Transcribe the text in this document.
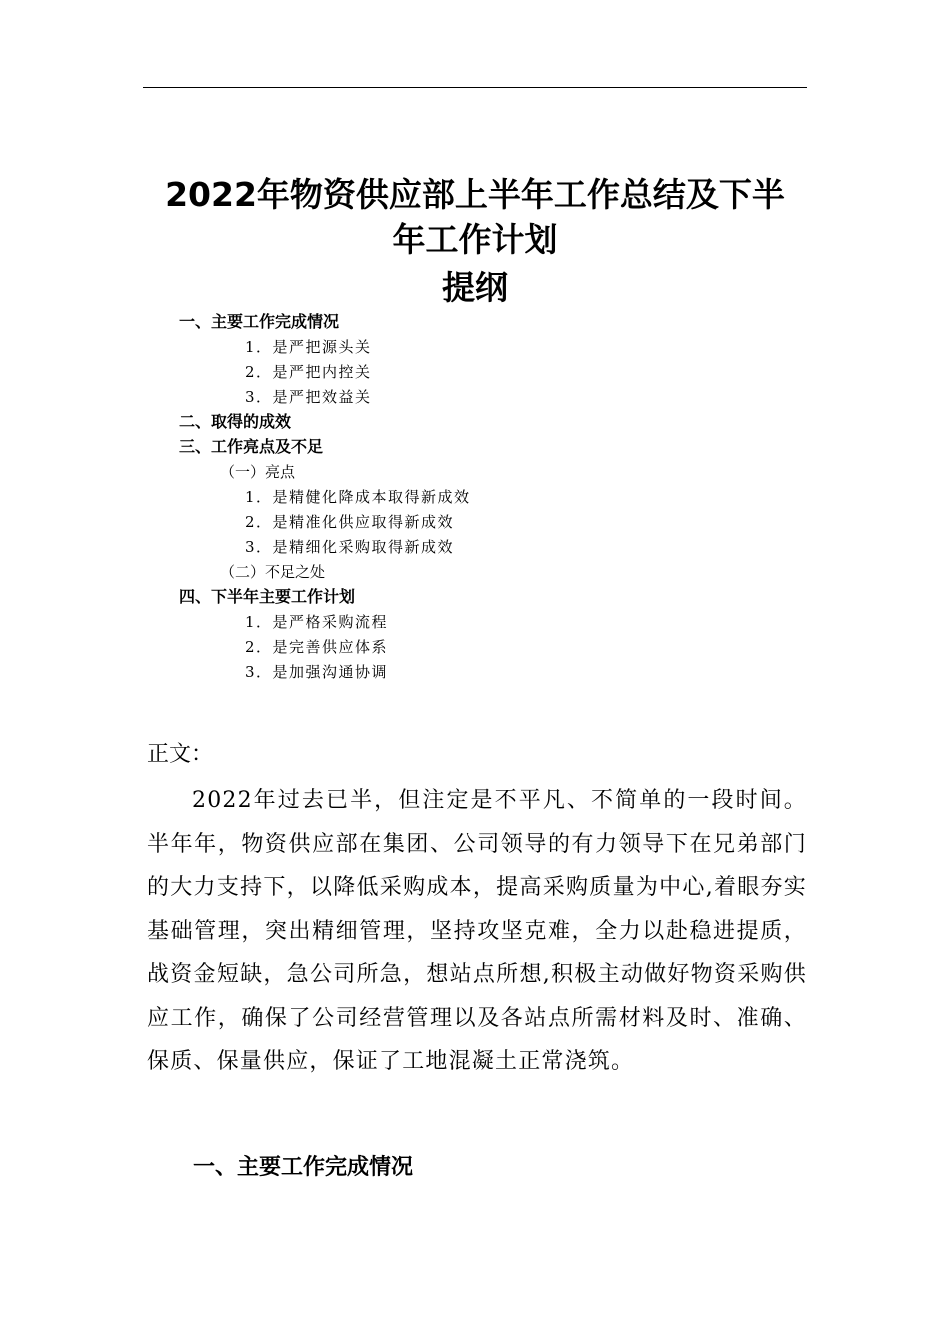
2022年物资供应部上半年工作总结及下半
年工作计划
提纲
一、主要工作完成情况
1．是严把源头关
2．是严把内控关
3．是严把效益关
二、取得的成效
三、工作亮点及不足
（一）亮点
1．是精健化降成本取得新成效
2．是精准化供应取得新成效
3．是精细化采购取得新成效
（二）不足之处
四、下半年主要工作计划
1．是严格采购流程
2．是完善供应体系
3．是加强沟通协调
正文：
2022年过去已半，但注定是不平凡、不简单的一段时间。半年年，物资供应部在集团、公司领导的有力领导下在兄弟部门的大力支持下，以降低采购成本，提高采购质量为中心,着眼夯实基础管理，突出精细管理，坚持攻坚克难，全力以赴稳进提质，战资金短缺，急公司所急，想站点所想,积极主动做好物资采购供应工作，确保了公司经营管理以及各站点所需材料及时、准确、保质、保量供应，保证了工地混凝土正常浇筑。
一、主要工作完成情况
